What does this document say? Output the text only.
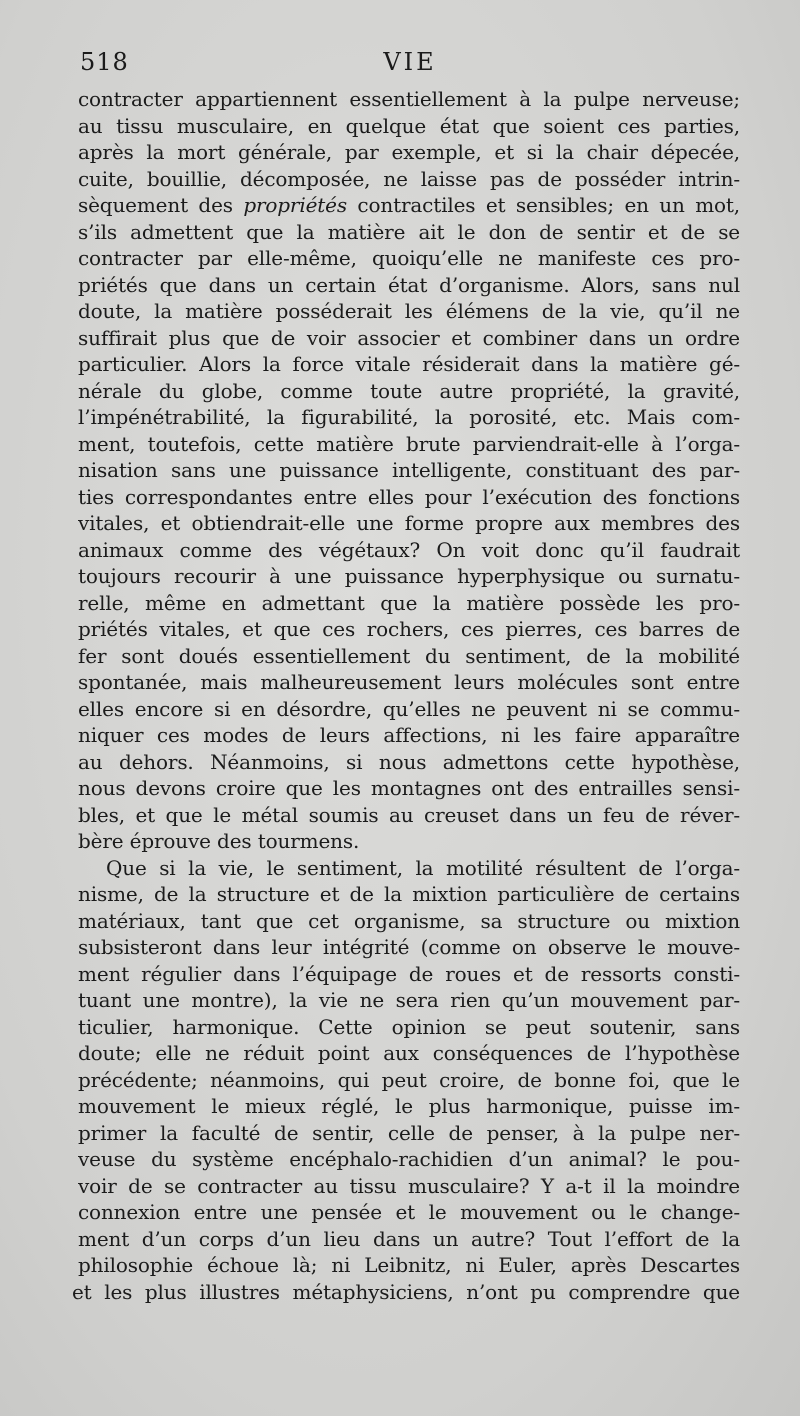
518	VIE
contracter appartiennent essentiellement à la pulpe nerveuse;
au tissu musculaire, en quelque état que soient ces parties,
après la mort générale, par exemple, et si la chair dépecée,
cuite, bouillie, décomposée, ne laisse pas de posséder intrin-
sèquement des propriétés contractiles et sensibles; en un mot,
s’ils admettent que la matière ait le don de sentir et de se
contracter par elle-même, quoiqu’elle ne manifeste ces pro-
priétés que dans un certain état d’organisme. Alors, sans nul
doute, la matière posséderait les élémens de la vie, qu’il ne
suffirait plus que de voir associer et combiner dans un ordre
particulier. Alors la force vitale résiderait dans la matière gé-
nérale du globe, comme toute autre propriété, la gravité,
l’impénétrabilité, la figurabilité, la porosité, etc. Mais com-
ment, toutefois, cette matière brute parviendrait-elle à l’orga-
nisation sans une puissance intelligente, constituant des par-
ties correspondantes entre elles pour l’exécution des fonctions
vitales, et obtiendrait-elle une forme propre aux membres des
animaux comme des végétaux? On voit donc qu’il faudrait
toujours recourir à une puissance hyperphysique ou surnatu-
relle, même en admettant que la matière possède les pro-
priétés vitales, et que ces rochers, ces pierres, ces barres de
fer sont doués essentiellement du sentiment, de la mobilité
spontanée, mais malheureusement leurs molécules sont entre
elles encore si en désordre, qu’elles ne peuvent ni se commu-
niquer ces modes de leurs affections, ni les faire apparaître
au dehors. Néanmoins, si nous admettons cette hypothèse,
nous devons croire que les montagnes ont des entrailles sensi-
bles, et que le métal soumis au creuset dans un feu de réver-
bère éprouve des tourmens.
Que si la vie, le sentiment, la motilité résultent de l’orga-
nisme, de la structure et de la mixtion particulière de certains
matériaux, tant que cet organisme, sa structure ou mixtion
subsisteront dans leur intégrité (comme on observe le mouve-
ment régulier dans l’équipage de roues et de ressorts consti-
tuant une montre), la vie ne sera rien qu’un mouvement par-
ticulier, harmonique. Cette opinion se peut soutenir, sans
doute; elle ne réduit point aux conséquences de l’hypothèse
précédente; néanmoins, qui peut croire, de bonne foi, que le
mouvement le mieux réglé, le plus harmonique, puisse im-
primer la faculté de sentir, celle de penser, à la pulpe ner-
veuse du système encéphalo-rachidien d’un animal? le pou-
voir de se contracter au tissu musculaire? Y a-t il la moindre
connexion entre une pensée et le mouvement ou le change-
ment d’un corps d’un lieu dans un autre? Tout l’effort de la
philosophie échoue là; ni Leibnitz, ni Euler, après Descartes
et les plus illustres métaphysiciens, n’ont pu comprendre que
